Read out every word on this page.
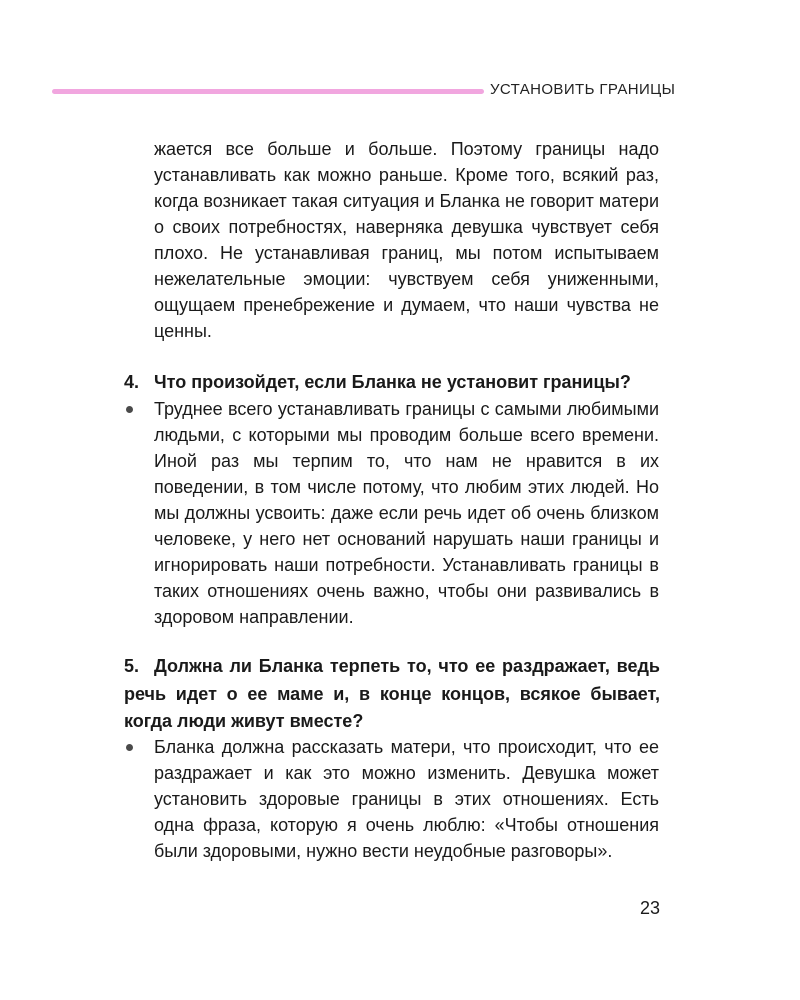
УСТАНОВИТЬ ГРАНИЦЫ

жается все больше и больше. Поэтому границы надо устанавливать как можно раньше. Кроме того, всякий раз, когда возникает такая ситуация и Бланка не говорит матери о своих потребностях, наверняка девушка чувствует себя плохо. Не устанавливая границ, мы потом испытываем нежелательные эмоции: чувствуем себя униженными, ощущаем пренебрежение и думаем, что наши чувства не ценны.

4. Что произойдет, если Бланка не установит границы?

Труднее всего устанавливать границы с самыми любимыми людьми, с которыми мы проводим больше всего времени. Иной раз мы терпим то, что нам не нравится в их поведении, в том числе потому, что любим этих людей. Но мы должны усвоить: даже если речь идет об очень близком человеке, у него нет оснований нарушать наши границы и игнорировать наши потребности. Устанавливать границы в таких отношениях очень важно, чтобы они развивались в здоровом направлении.

5. Должна ли Бланка терпеть то, что ее раздражает, ведь речь идет о ее маме и, в конце концов, всякое бывает, когда люди живут вместе?

Бланка должна рассказать матери, что происходит, что ее раздражает и как это можно изменить. Девушка может установить здоровые границы в этих отношениях. Есть одна фраза, которую я очень люблю: «Чтобы отношения были здоровыми, нужно вести неудобные разговоры».

23
